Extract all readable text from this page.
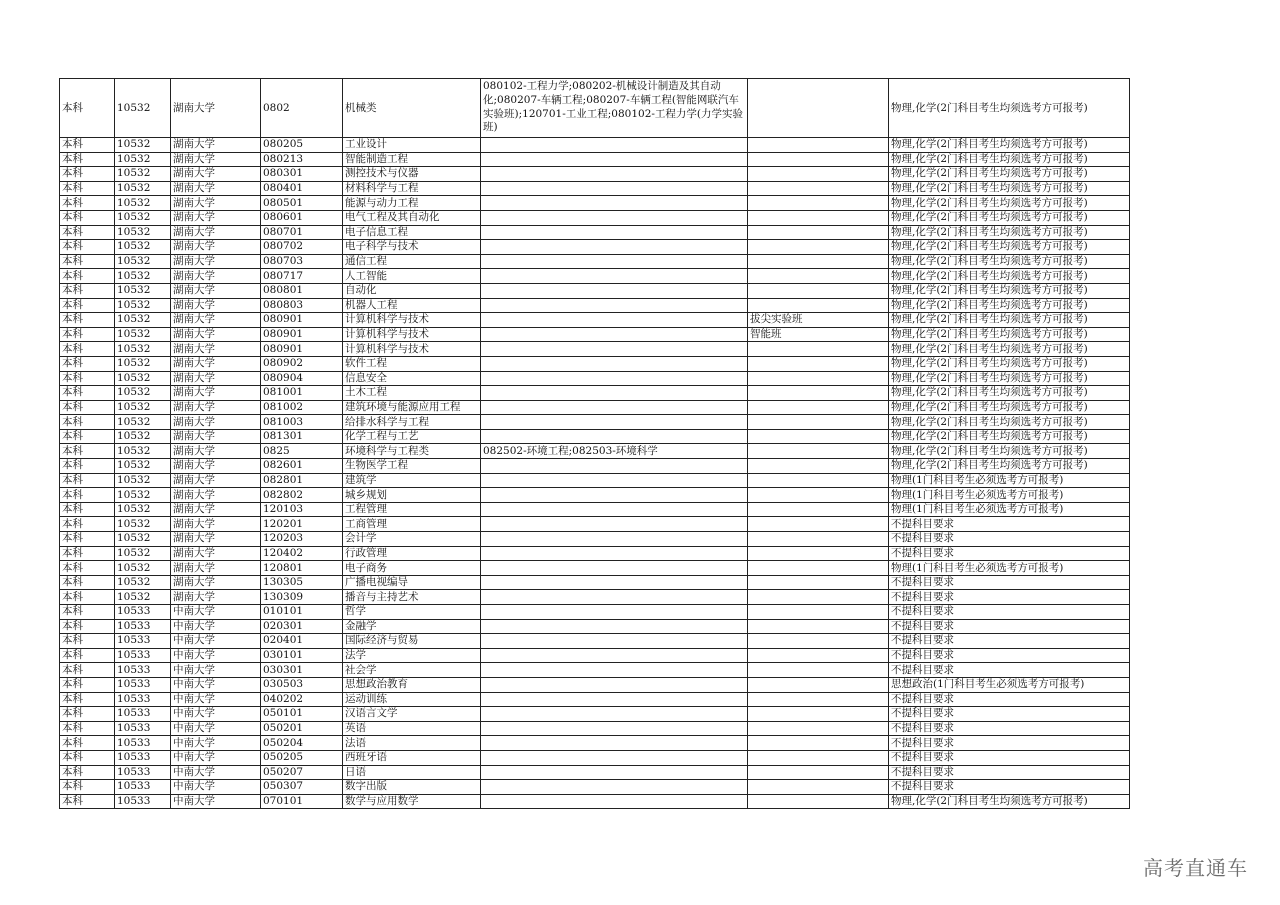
本科	10532	湖南大学	0802	机械类	080102-工程力学;080202-机械设计制造及其自动化;080207-车辆工程;080207-车辆工程(智能网联汽车实验班);120701-工业工程;080102-工程力学(力学实验班)		物理,化学(2门科目考生均须选考方可报考)
本科	10532	湖南大学	080205	工业设计			物理,化学(2门科目考生均须选考方可报考)
本科	10532	湖南大学	080213	智能制造工程			物理,化学(2门科目考生均须选考方可报考)
本科	10532	湖南大学	080301	测控技术与仪器			物理,化学(2门科目考生均须选考方可报考)
本科	10532	湖南大学	080401	材料科学与工程			物理,化学(2门科目考生均须选考方可报考)
本科	10532	湖南大学	080501	能源与动力工程			物理,化学(2门科目考生均须选考方可报考)
本科	10532	湖南大学	080601	电气工程及其自动化			物理,化学(2门科目考生均须选考方可报考)
本科	10532	湖南大学	080701	电子信息工程			物理,化学(2门科目考生均须选考方可报考)
本科	10532	湖南大学	080702	电子科学与技术			物理,化学(2门科目考生均须选考方可报考)
本科	10532	湖南大学	080703	通信工程			物理,化学(2门科目考生均须选考方可报考)
本科	10532	湖南大学	080717	人工智能			物理,化学(2门科目考生均须选考方可报考)
本科	10532	湖南大学	080801	自动化			物理,化学(2门科目考生均须选考方可报考)
本科	10532	湖南大学	080803	机器人工程			物理,化学(2门科目考生均须选考方可报考)
本科	10532	湖南大学	080901	计算机科学与技术		拔尖实验班	物理,化学(2门科目考生均须选考方可报考)
本科	10532	湖南大学	080901	计算机科学与技术		智能班	物理,化学(2门科目考生均须选考方可报考)
本科	10532	湖南大学	080901	计算机科学与技术			物理,化学(2门科目考生均须选考方可报考)
本科	10532	湖南大学	080902	软件工程			物理,化学(2门科目考生均须选考方可报考)
本科	10532	湖南大学	080904	信息安全			物理,化学(2门科目考生均须选考方可报考)
本科	10532	湖南大学	081001	土木工程			物理,化学(2门科目考生均须选考方可报考)
本科	10532	湖南大学	081002	建筑环境与能源应用工程			物理,化学(2门科目考生均须选考方可报考)
本科	10532	湖南大学	081003	给排水科学与工程			物理,化学(2门科目考生均须选考方可报考)
本科	10532	湖南大学	081301	化学工程与工艺			物理,化学(2门科目考生均须选考方可报考)
本科	10532	湖南大学	0825	环境科学与工程类	082502-环境工程;082503-环境科学		物理,化学(2门科目考生均须选考方可报考)
本科	10532	湖南大学	082601	生物医学工程			物理,化学(2门科目考生均须选考方可报考)
本科	10532	湖南大学	082801	建筑学			物理(1门科目考生必须选考方可报考)
本科	10532	湖南大学	082802	城乡规划			物理(1门科目考生必须选考方可报考)
本科	10532	湖南大学	120103	工程管理			物理(1门科目考生必须选考方可报考)
本科	10532	湖南大学	120201	工商管理			不提科目要求
本科	10532	湖南大学	120203	会计学			不提科目要求
本科	10532	湖南大学	120402	行政管理			不提科目要求
本科	10532	湖南大学	120801	电子商务			物理(1门科目考生必须选考方可报考)
本科	10532	湖南大学	130305	广播电视编导			不提科目要求
本科	10532	湖南大学	130309	播音与主持艺术			不提科目要求
本科	10533	中南大学	010101	哲学			不提科目要求
本科	10533	中南大学	020301	金融学			不提科目要求
本科	10533	中南大学	020401	国际经济与贸易			不提科目要求
本科	10533	中南大学	030101	法学			不提科目要求
本科	10533	中南大学	030301	社会学			不提科目要求
本科	10533	中南大学	030503	思想政治教育			思想政治(1门科目考生必须选考方可报考)
本科	10533	中南大学	040202	运动训练			不提科目要求
本科	10533	中南大学	050101	汉语言文学			不提科目要求
本科	10533	中南大学	050201	英语			不提科目要求
本科	10533	中南大学	050204	法语			不提科目要求
本科	10533	中南大学	050205	西班牙语			不提科目要求
本科	10533	中南大学	050207	日语			不提科目要求
本科	10533	中南大学	050307	数字出版			不提科目要求
本科	10533	中南大学	070101	数学与应用数学			物理,化学(2门科目考生均须选考方可报考)
高考直通车
